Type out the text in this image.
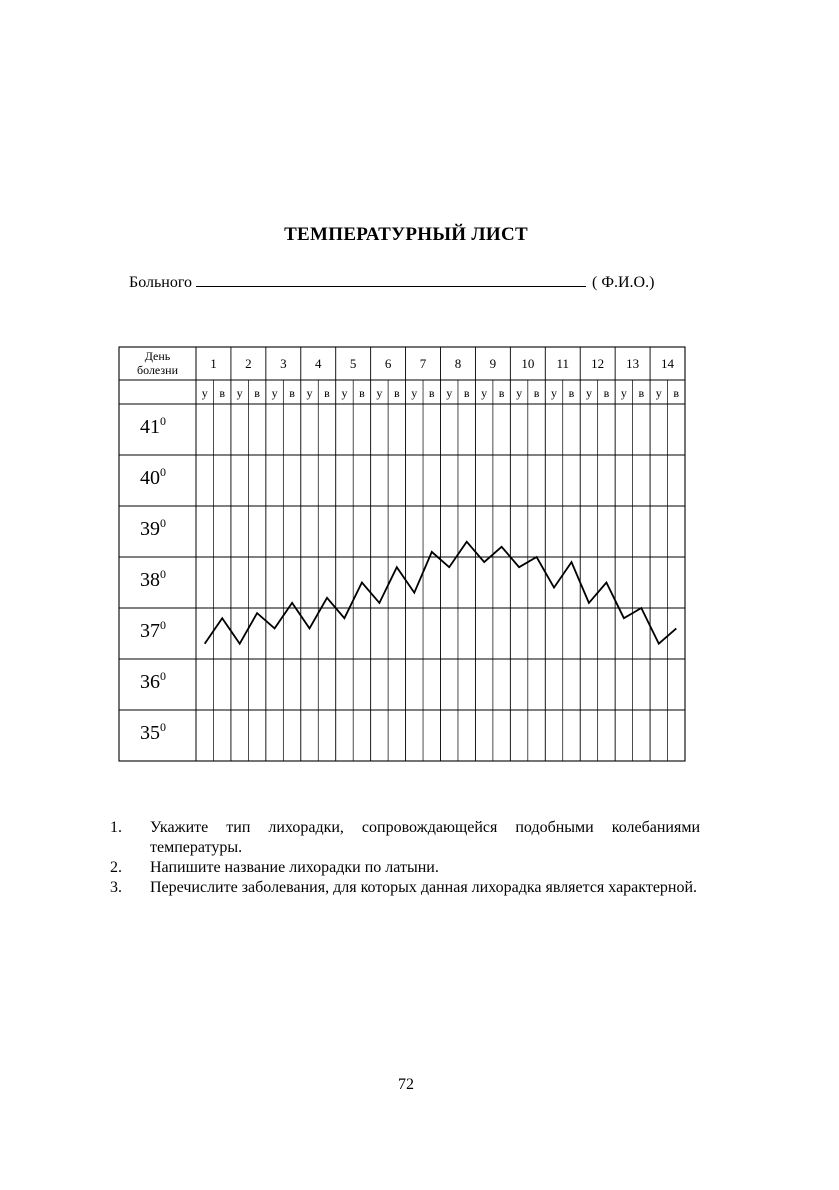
ТЕМПЕРАТУРНЫЙ ЛИСТ
Больного	( Ф.И.О.)
День
болезни 1 2 3 4 5 6 7 8 9 10 11 12 13 14
у в у в у в у в у в у в у в у в у в у в у в у в у в у в
$41^0$
$40^0$
$39^0$
$38^0$
$37^0$
$36^0$
$35^0$
1. Укажите тип лихорадки, сопровождающейся подобными колебаниями температуры.
2. Напишите название лихорадки по латыни.
3. Перечислите заболевания, для которых данная лихорадка является характерной.
72
